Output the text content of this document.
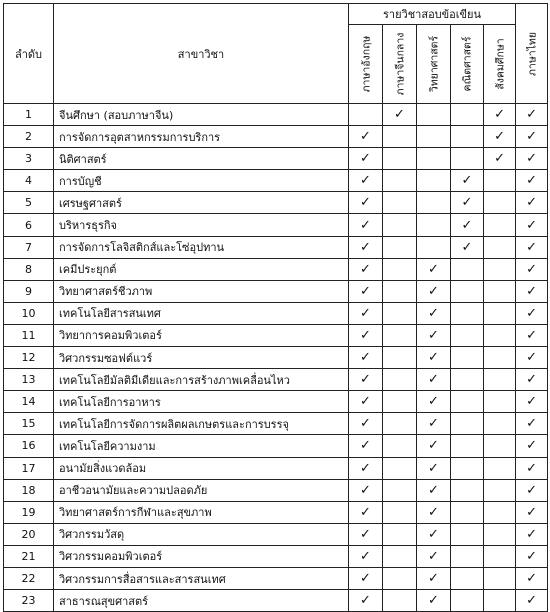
ลำดับ	สาขาวิชา	รายวิชาสอบข้อเขียน					ภาษาไทย

		ภาษาอังกฤษ	ภาษาจีนกลาง	วิทยาศาสตร์	คณิตศาสตร์	สังคมศึกษา	

1	จีนศึกษา (สอบภาษาจีน)		✓			✓	✓
2	การจัดการอุตสาหกรรมการบริการ	✓				✓	✓
3	นิติศาสตร์	✓				✓	✓
4	การบัญชี	✓			✓		✓
5	เศรษฐศาสตร์	✓			✓		✓
6	บริหารธุรกิจ	✓			✓		✓
7	การจัดการโลจิสติกส์และโซ่อุปทาน	✓			✓		✓
8	เคมีประยุกต์	✓		✓			✓
9	วิทยาศาสตร์ชีวภาพ	✓		✓			✓
10	เทคโนโลยีสารสนเทศ	✓		✓			✓
11	วิทยาการคอมพิวเตอร์	✓		✓			✓
12	วิศวกรรมซอฟต์แวร์	✓		✓			✓
13	เทคโนโลยีมัลติมีเดียและการสร้างภาพเคลื่อนไหว	✓		✓			✓
14	เทคโนโลยีการอาหาร	✓		✓			✓
15	เทคโนโลยีการจัดการผลิตผลเกษตรและการบรรจุ	✓		✓			✓
16	เทคโนโลยีความงาม	✓		✓			✓
17	อนามัยสิ่งแวดล้อม	✓		✓			✓
18	อาชีวอนามัยและความปลอดภัย	✓		✓			✓
19	วิทยาศาสตร์การกีฬาและสุขภาพ	✓		✓			✓
20	วิศวกรรมวัสดุ	✓		✓			✓
21	วิศวกรรมคอมพิวเตอร์	✓		✓			✓
22	วิศวกรรมการสื่อสารและสารสนเทศ	✓		✓			✓
23	สาธารณสุขศาสตร์	✓		✓			✓
